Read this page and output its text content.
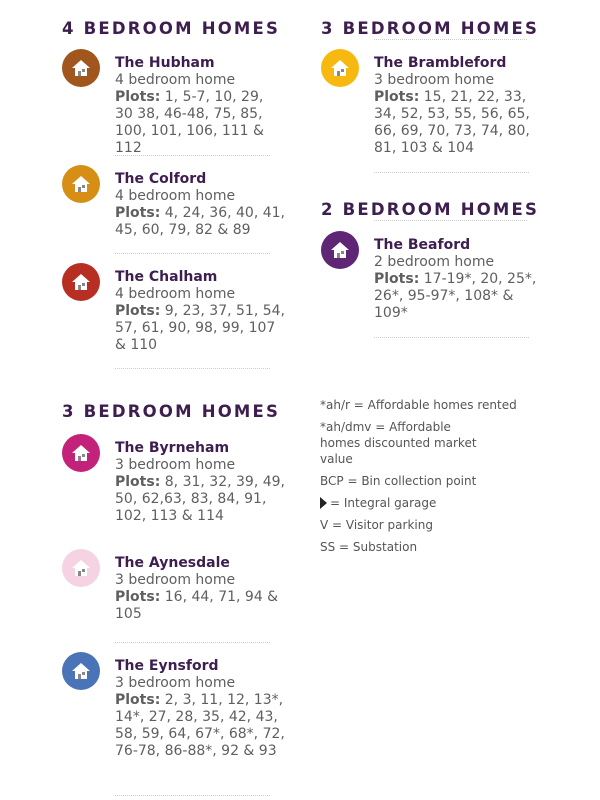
4 BEDROOM HOMES
3 BEDROOM HOMES
3 BEDROOM HOMES
2 BEDROOM HOMES
The Hubham
4 bedroom home
Plots: 1, 5-7, 10, 29, 30 38, 46-48, 75, 85, 100, 101, 106, 111 & 112
The Colford
4 bedroom home
Plots: 4, 24, 36, 40, 41, 45, 60, 79, 82 & 89
The Chalham
4 bedroom home
Plots: 9, 23, 37, 51, 54, 57, 61, 90, 98, 99, 107 & 110
The Byrneham
3 bedroom home
Plots: 8, 31, 32, 39, 49, 50, 62,63, 83, 84, 91, 102, 113 & 114
The Aynesdale
3 bedroom home
Plots: 16, 44, 71, 94 & 105
The Eynsford
3 bedroom home
Plots: 2, 3, 11, 12, 13*, 14*, 27, 28, 35, 42, 43, 58, 59, 64, 67*, 68*, 72, 76-78, 86-88*, 92 & 93
The Brambleford
3 bedroom home
Plots: 15, 21, 22, 33, 34, 52, 53, 55, 56, 65, 66, 69, 70, 73, 74, 80, 81, 103 & 104
The Beaford
2 bedroom home
Plots: 17-19*, 20, 25*, 26*, 95-97*, 108* & 109*
*ah/r = Affordable homes rented
*ah/dmv = Affordable homes discounted market value
BCP = Bin collection point
= Integral garage
V = Visitor parking
SS = Substation
